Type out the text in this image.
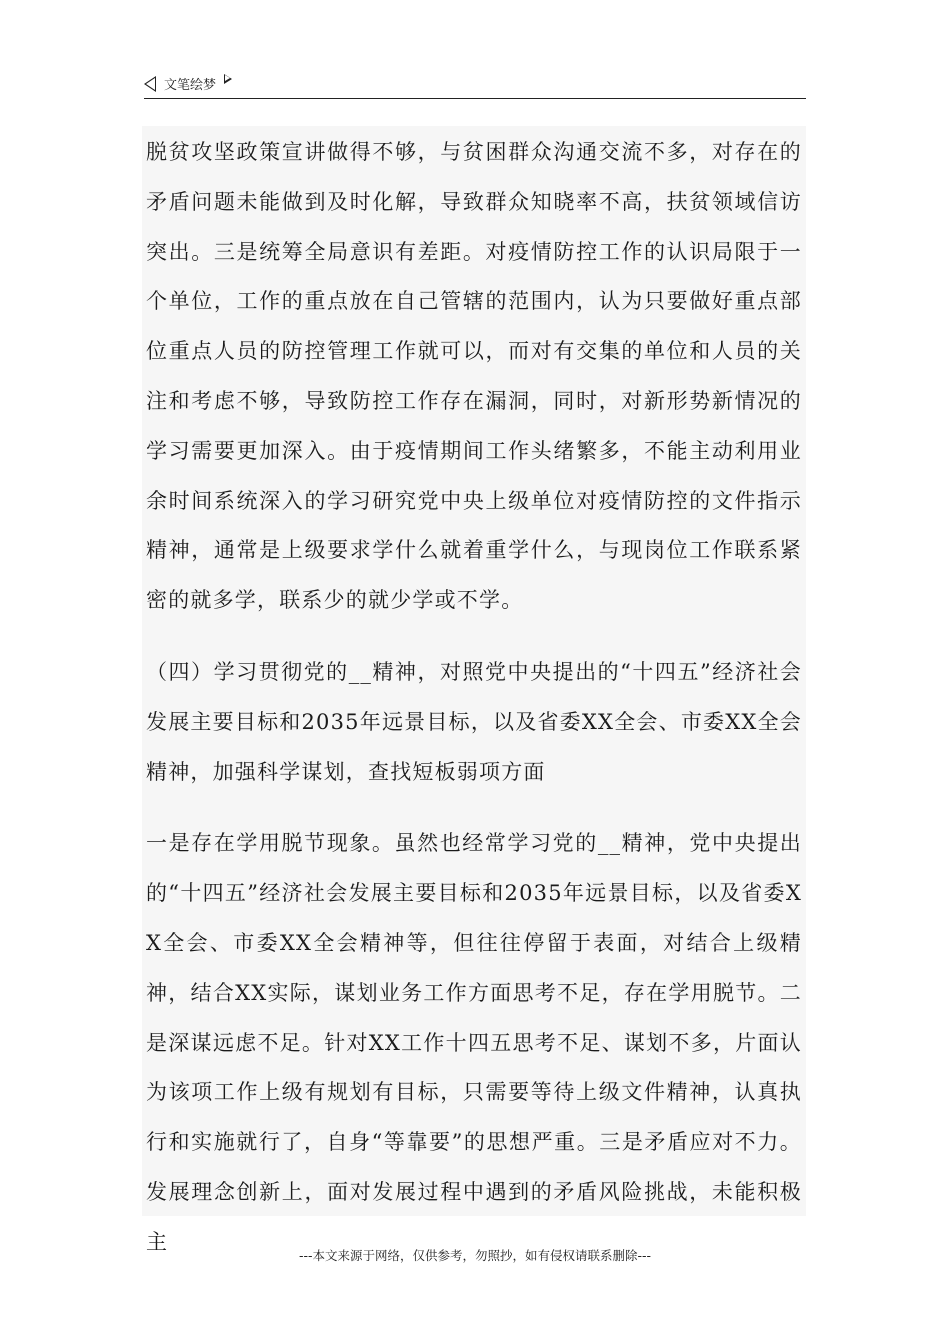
文笔绘梦

脱贫攻坚政策宣讲做得不够，与贫困群众沟通交流不多，对存在的矛盾问题未能做到及时化解，导致群众知晓率不高，扶贫领域信访突出。三是统筹全局意识有差距。对疫情防控工作的认识局限于一个单位，工作的重点放在自己管辖的范围内，认为只要做好重点部位重点人员的防控管理工作就可以，而对有交集的单位和人员的关注和考虑不够，导致防控工作存在漏洞，同时，对新形势新情况的学习需要更加深入。由于疫情期间工作头绪繁多，不能主动利用业余时间系统深入的学习研究党中央上级单位对疫情防控的文件指示精神，通常是上级要求学什么就着重学什么，与现岗位工作联系紧密的就多学，联系少的就少学或不学。

（四）学习贯彻党的__精神，对照党中央提出的“十四五”经济社会发展主要目标和2035年远景目标，以及省委XX全会、市委XX全会精神，加强科学谋划，查找短板弱项方面

一是存在学用脱节现象。虽然也经常学习党的__精神，党中央提出的“十四五”经济社会发展主要目标和2035年远景目标，以及省委XX全会、市委XX全会精神等，但往往停留于表面，对结合上级精神，结合XX实际，谋划业务工作方面思考不足，存在学用脱节。二是深谋远虑不足。针对XX工作十四五思考不足、谋划不多，片面认为该项工作上级有规划有目标，只需要等待上级文件精神，认真执行和实施就行了，自身“等靠要”的思想严重。三是矛盾应对不力。发展理念创新上，面对发展过程中遇到的矛盾风险挑战，未能积极主

---本文来源于网络，仅供参考，勿照抄，如有侵权请联系删除---
